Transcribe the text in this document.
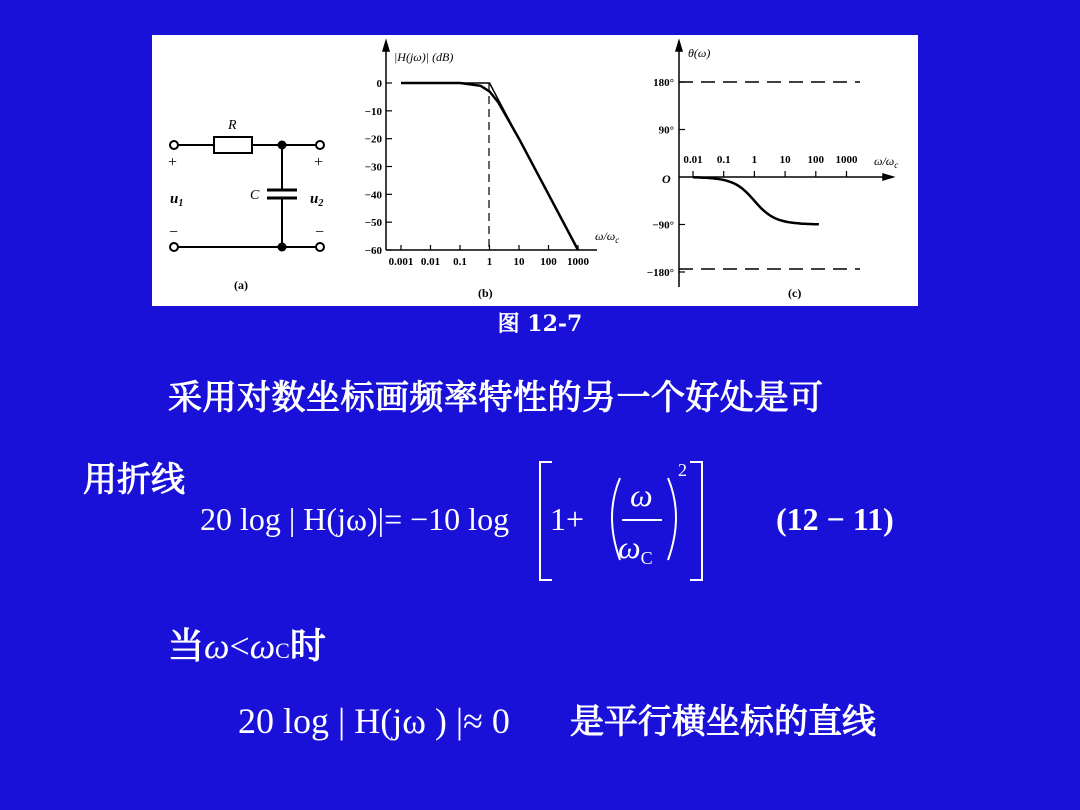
R
C
+	+
−	−
$u_1$	$u_2$
(a)
0
−10
−20
−30
−40
−50
−60
0.001 0.01 0.1 1 10 100 1000
|H(jω)| (dB)
$\omega/\omega_c$
(b)
180°
90°
−90°
−180°
0.01 0.1 1 10 100 1000
θ(ω)
O
$\omega/\omega_c$
(c)
图 12-7
采用对数坐标画频率特性的另一个好处是可
用折线
20 log | H(jω)|= −10 log 1+
ω
ωC
2
(12 − 11)
当ω<ωC时
20 log | H(jω ) |≈ 0 是平行横坐标的直线
